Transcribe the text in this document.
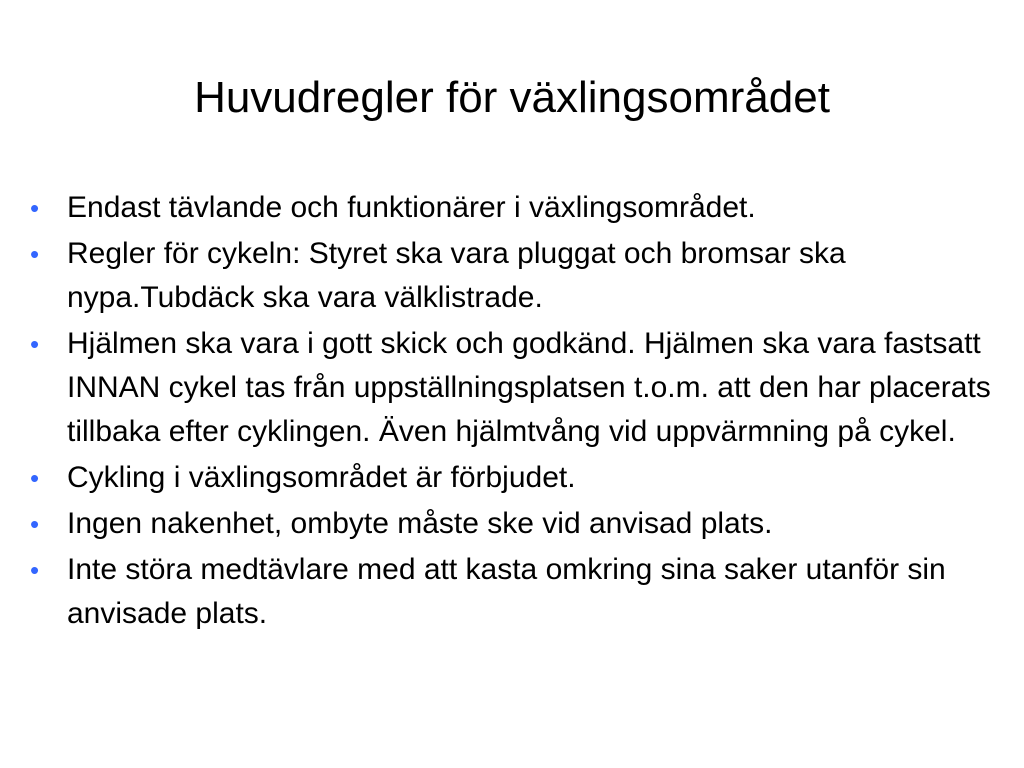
Huvudregler för växlingsområdet
• Endast tävlande och funktionärer i växlingsområdet.
• Regler för cykeln: Styret ska vara pluggat och bromsar ska nypa.Tubdäck ska vara välklistrade.
• Hjälmen ska vara i gott skick och godkänd. Hjälmen ska vara fastsatt INNAN cykel tas från uppställningsplatsen t.o.m. att den har placerats tillbaka efter cyklingen. Även hjälmtvång vid uppvärmning på cykel.
• Cykling i växlingsområdet är förbjudet.
• Ingen nakenhet, ombyte måste ske vid anvisad plats.
• Inte störa medtävlare med att kasta omkring sina saker utanför sin anvisade plats.
